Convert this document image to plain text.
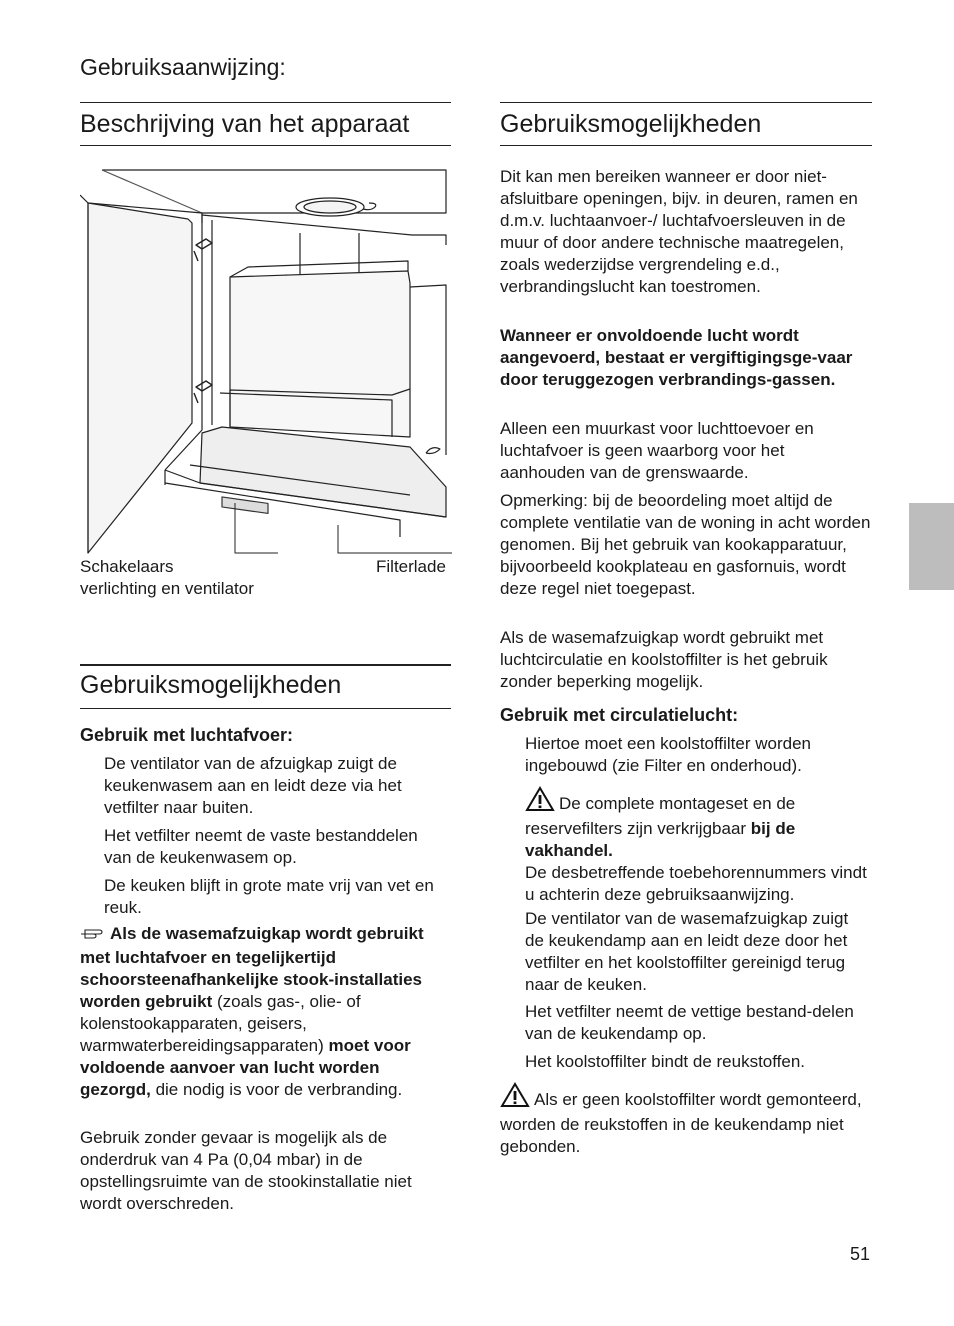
Gebruiksaanwijzing:
Beschrijving van het apparaat
Schakelaars
verlichting en ventilator
Filterlade
Gebruiksmogelijkheden
Gebruik met luchtafvoer:
De ventilator van de afzuigkap zuigt de keukenwasem aan en leidt deze via het vetfilter naar buiten.
Het vetfilter neemt de vaste bestanddelen van de keukenwasem op.
De keuken blijft in grote mate vrij van vet en reuk.
Als de wasemafzuigkap wordt gebruikt met luchtafvoer en tegelijkertijd schoorsteenafhankelijke stook-installaties worden gebruikt (zoals gas-, olie- of kolenstookapparaten, geisers, warmwaterbereidingsapparaten) moet voor voldoende aanvoer van lucht worden gezorgd, die nodig is voor de verbranding.
Gebruik zonder gevaar is mogelijk als de onderdruk van 4 Pa (0,04 mbar) in de opstellingsruimte van de stookinstallatie niet wordt overschreden.
Gebruiksmogelijkheden
Dit kan men bereiken wanneer er door niet-afsluitbare openingen, bijv. in deuren, ramen en d.m.v. luchtaanvoer-/ luchtafvoersleuven in de muur of door andere technische maatregelen, zoals wederzijdse vergrendeling e.d., verbrandingslucht kan toestromen.
Wanneer er onvoldoende lucht wordt aangevoerd, bestaat er vergiftigingsge-vaar door teruggezogen verbrandings-gassen.
Alleen een muurkast voor luchttoevoer en luchtafvoer is geen waarborg voor het aanhouden van de grenswaarde.
Opmerking: bij de beoordeling moet altijd de complete ventilatie van de woning in acht worden genomen. Bij het gebruik van kookapparatuur, bijvoorbeeld kookplateau en gasfornuis, wordt deze regel niet toegepast.
Als de wasemafzuigkap wordt gebruikt met luchtcirculatie en koolstoffilter is het gebruik zonder beperking mogelijk.
Gebruik met circulatielucht:
Hiertoe moet een koolstoffilter worden ingebouwd (zie Filter en onderhoud).
De complete montageset en de reservefilters zijn verkrijgbaar bij de vakhandel.
De desbetreffende toebehorennummers vindt u achterin deze gebruiksaanwijzing.
De ventilator van de wasemafzuigkap zuigt de keukendamp aan en leidt deze door het vetfilter en het koolstoffilter gereinigd terug naar de keuken.
Het vetfilter neemt de vettige bestand-delen van de keukendamp op.
Het koolstoffilter bindt de reukstoffen.
Als er geen koolstoffilter wordt gemonteerd, worden de reukstoffen in de keukendamp niet gebonden.
51
